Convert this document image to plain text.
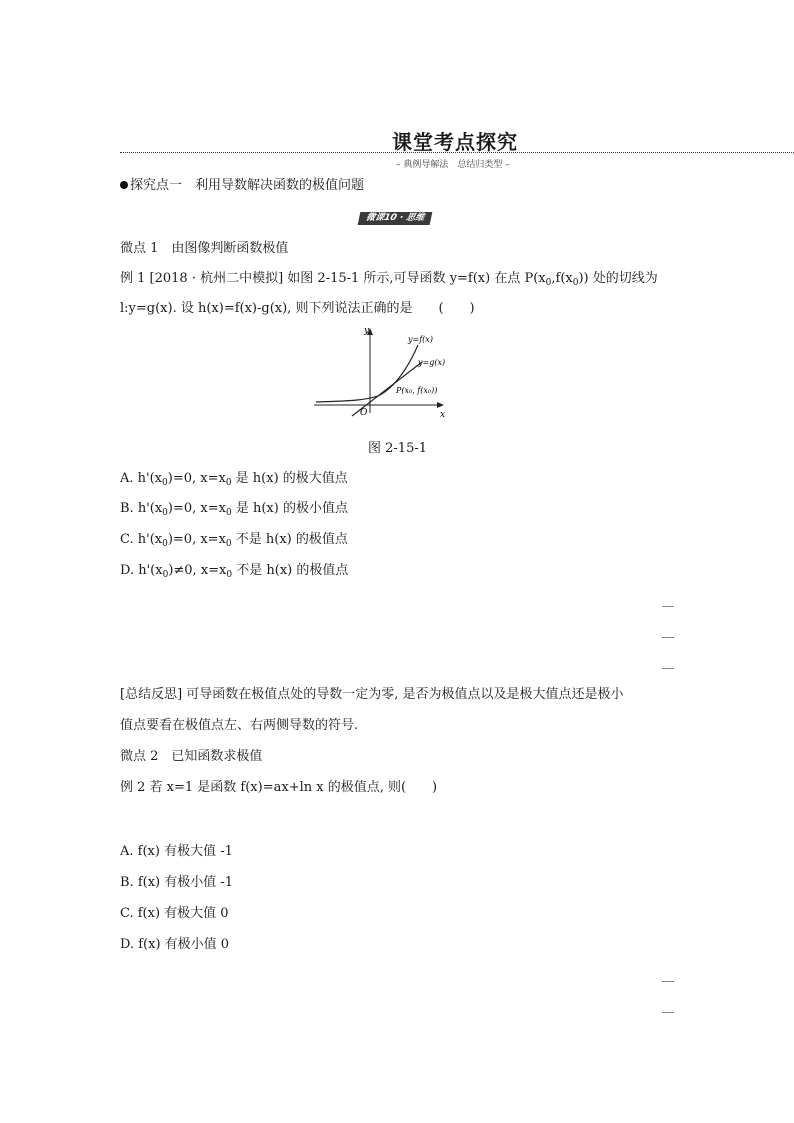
课堂考点探究
– 典例导解法　总结归类型 –
探究点一　利用导数解决函数的极值问题
微课10 · 思维
微点 1　由图像判断函数极值
例 1 [2018 · 杭州二中模拟] 如图 2-15-1 所示,可导函数 y=f(x) 在点 $P(x_0,f(x_0))$ 处的切线为
l:y=g(x). 设 h(x)=f(x)-g(x), 则下列说法正确的是　　(　　)
y
x
O
y=f(x)
y=g(x)
P(x₀, f(x₀))
图 2-15-1
A. $h'(x_0)=0$, $x=x_0$ 是 h(x) 的极大值点
B. $h'(x_0)=0$, $x=x_0$ 是 h(x) 的极小值点
C. $h'(x_0)=0$, $x=x_0$ 不是 h(x) 的极值点
D. $h'(x_0)\ne 0$, $x=x_0$ 不是 h(x) 的极值点
[总结反思] 可导函数在极值点处的导数一定为零, 是否为极值点以及是极大值点还是极小
值点要看在极值点左、右两侧导数的符号.
微点 2　已知函数求极值
例 2 若 x=1 是函数 f(x)=ax+ln x 的极值点, 则(　　)
A. f(x) 有极大值 -1
B. f(x) 有极小值 -1
C. f(x) 有极大值 0
D. f(x) 有极小值 0
